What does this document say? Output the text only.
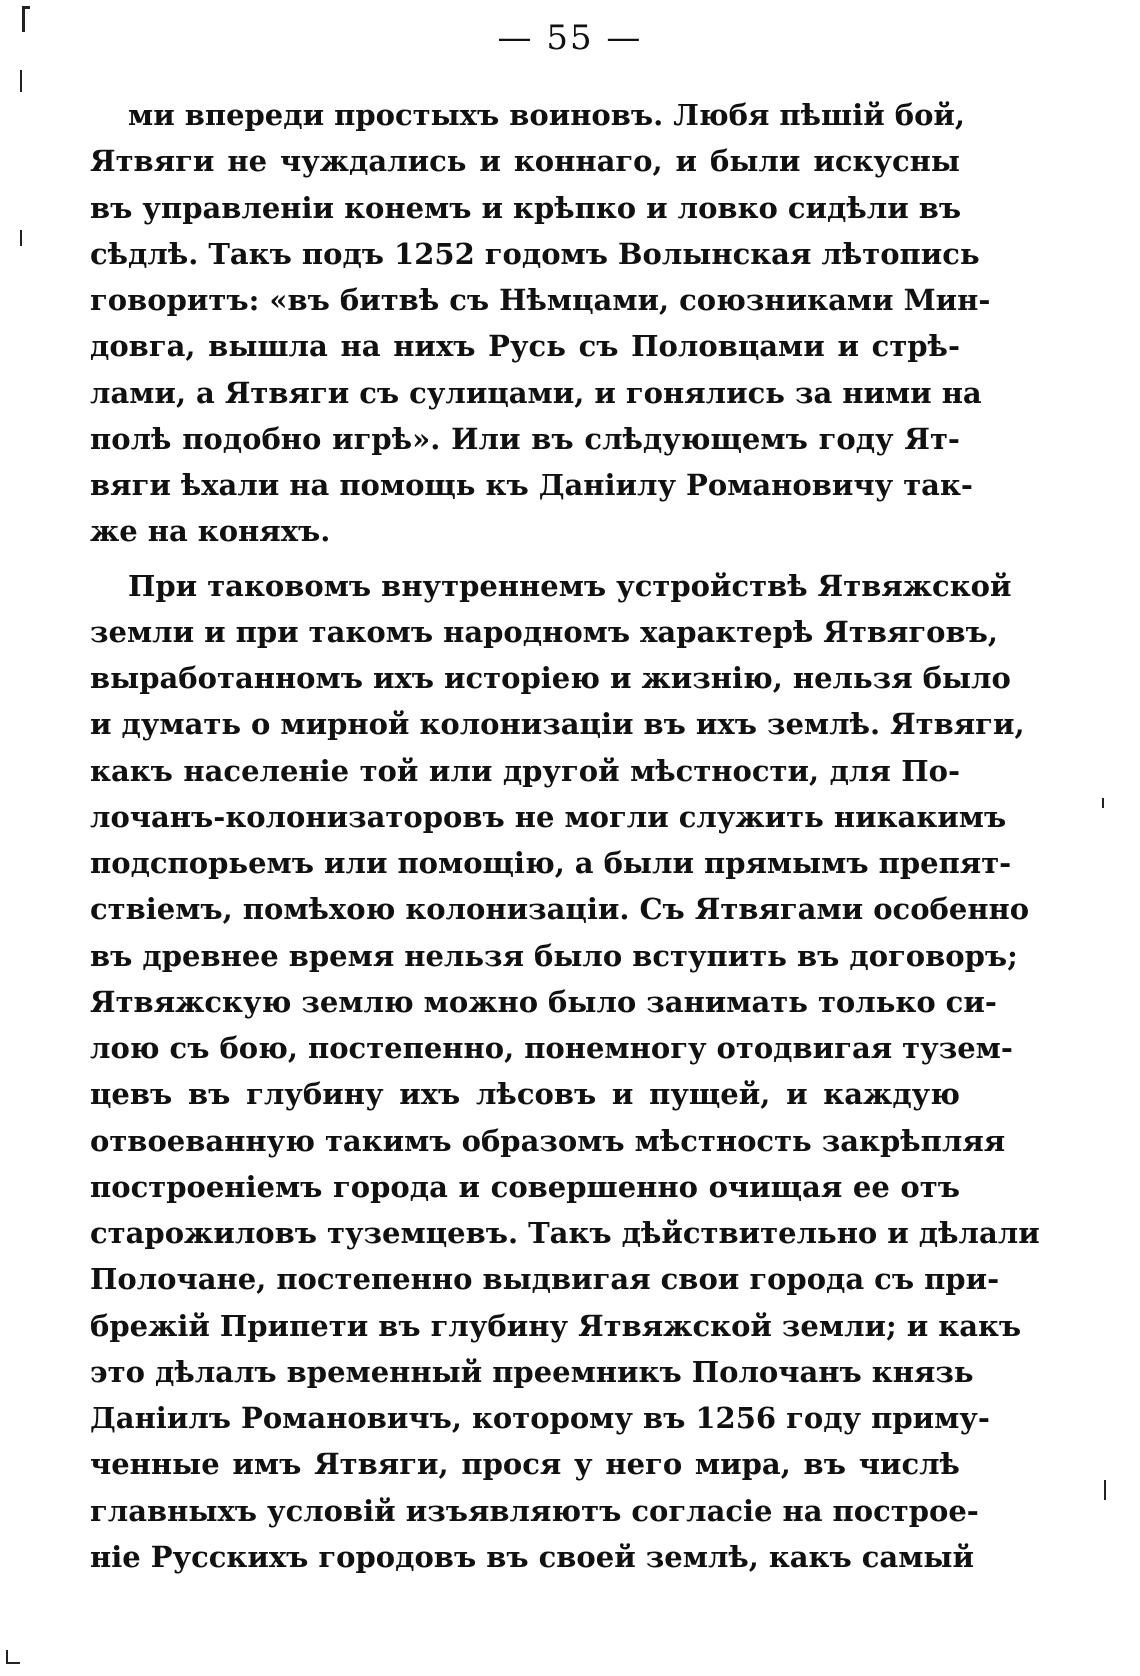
— 55 —
ми впереди простыхъ воиновъ. Любя пѣшій бой,
Ятвяги не чуждались и коннаго, и были искусны
въ управленіи конемъ и крѣпко и ловко сидѣли въ
сѣдлѣ. Такъ подъ 1252 годомъ Волынская лѣтопись
говоритъ: «въ битвѣ съ Нѣмцами, союзниками Мин-
довга, вышла на нихъ Русь съ Половцами и стрѣ-
лами, а Ятвяги съ сулицами, и гонялись за ними на
полѣ подобно игрѣ». Или въ слѣдующемъ году Ят-
вяги ѣхали на помощь къ Даніилу Романовичу так-
же на коняхъ.
При таковомъ внутреннемъ устройствѣ Ятвяжской
земли и при такомъ народномъ характерѣ Ятвяговъ,
выработанномъ ихъ исторіею и жизнію, нельзя было
и думать о мирной колонизаціи въ ихъ землѣ. Ятвяги,
какъ населеніе той или другой мѣстности, для По-
лочанъ-колонизаторовъ не могли служить никакимъ
подспорьемъ или помощію, а были прямымъ препят-
ствіемъ, помѣхою колонизаціи. Съ Ятвягами особенно
въ древнее время нельзя было вступить въ договоръ;
Ятвяжскую землю можно было занимать только си-
лою съ бою, постепенно, понемногу отодвигая тузем-
цевъ въ глубину ихъ лѣсовъ и пущей, и каждую
отвоеванную такимъ образомъ мѣстность закрѣпляя
построеніемъ города и совершенно очищая ее отъ
старожиловъ туземцевъ. Такъ дѣйствительно и дѣлали
Полочане, постепенно выдвигая свои города съ при-
брежій Припети въ глубину Ятвяжской земли; и какъ
это дѣлалъ временный преемникъ Полочанъ князь
Даніилъ Романовичъ, которому въ 1256 году приму-
ченные имъ Ятвяги, прося у него мира, въ числѣ
главныхъ условій изъявляютъ согласіе на построе-
ніе Русскихъ городовъ въ своей землѣ, какъ самый
